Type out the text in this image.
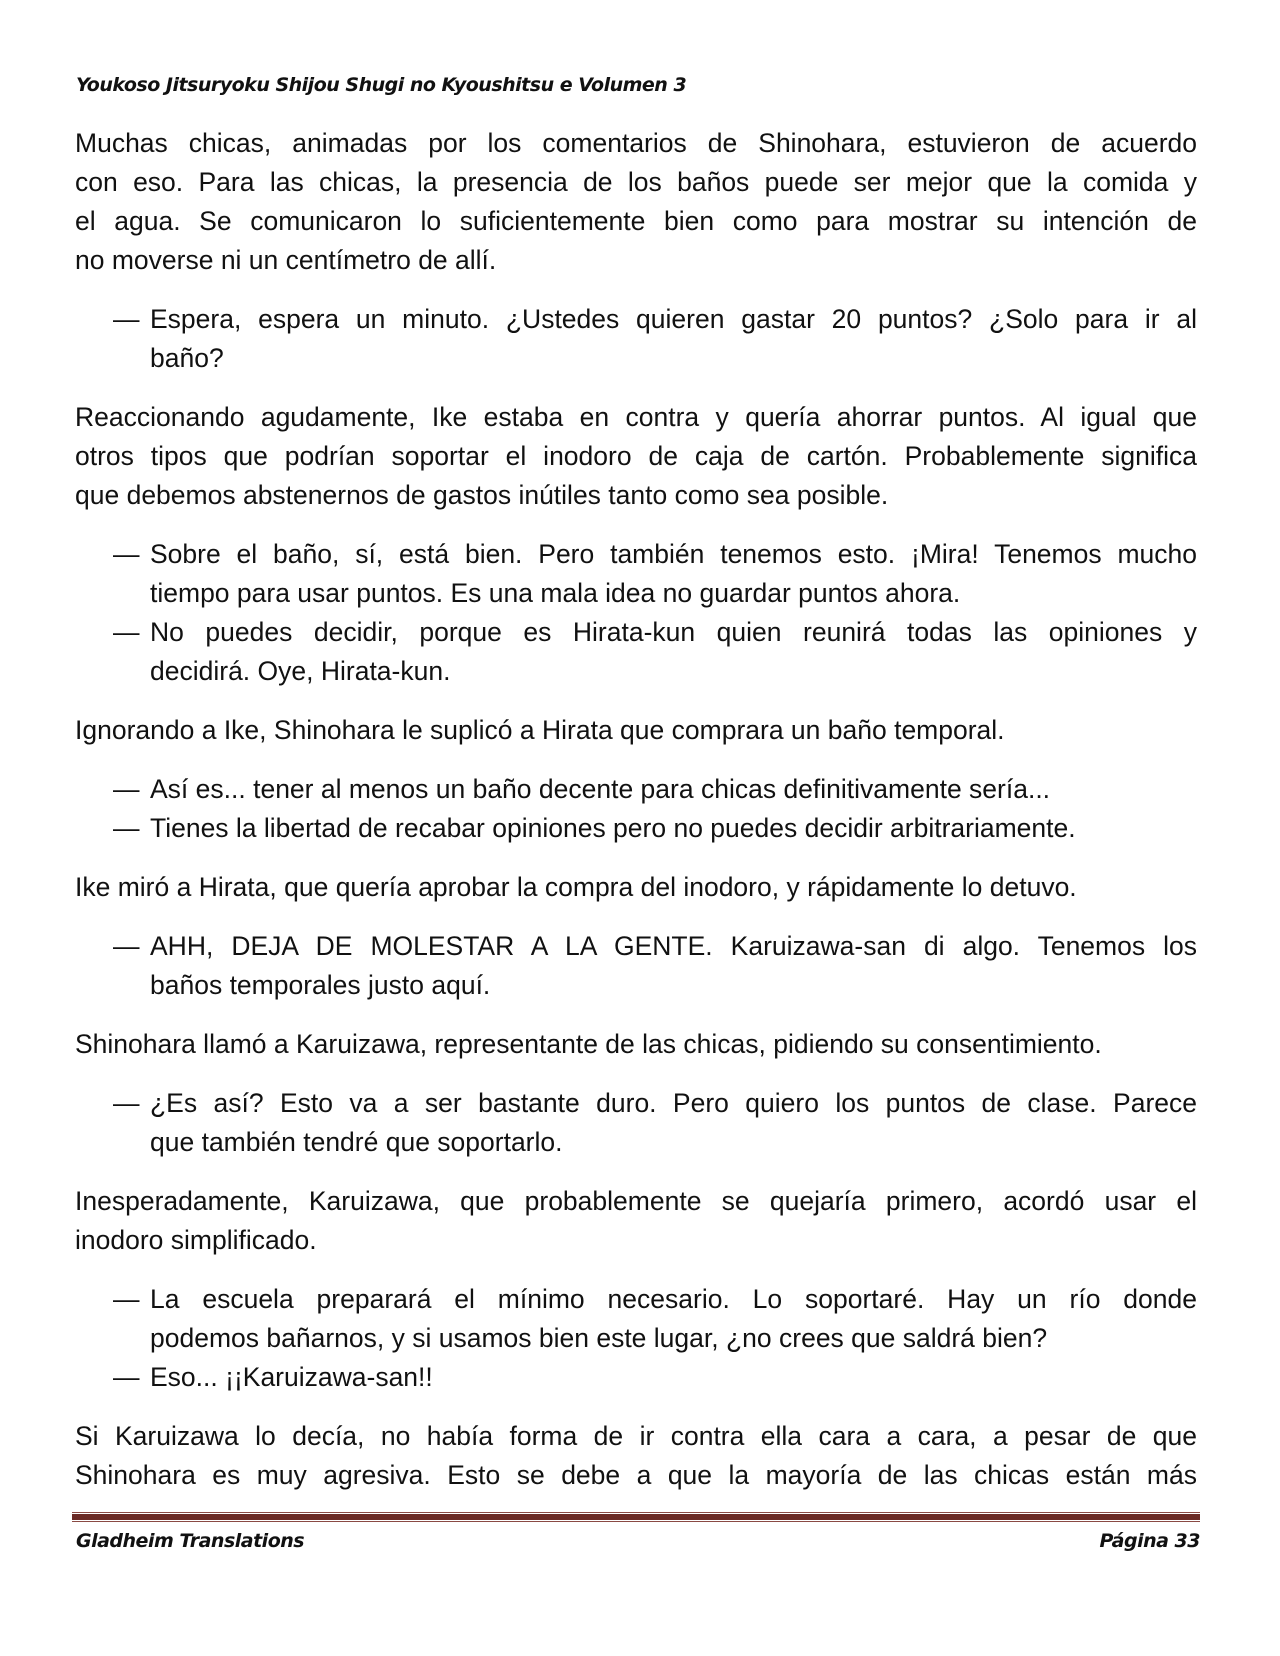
Youkoso Jitsuryoku Shijou Shugi no Kyoushitsu e Volumen 3
Muchas chicas, animadas por los comentarios de Shinohara, estuvieron de acuerdo
con eso. Para las chicas, la presencia de los baños puede ser mejor que la comida y
el agua. Se comunicaron lo suficientemente bien como para mostrar su intención de
no moverse ni un centímetro de allí.
— Espera, espera un minuto. ¿Ustedes quieren gastar 20 puntos? ¿Solo para ir al
baño?
Reaccionando agudamente, Ike estaba en contra y quería ahorrar puntos. Al igual que
otros tipos que podrían soportar el inodoro de caja de cartón. Probablemente significa
que debemos abstenernos de gastos inútiles tanto como sea posible.
— Sobre el baño, sí, está bien. Pero también tenemos esto. ¡Mira! Tenemos mucho
tiempo para usar puntos. Es una mala idea no guardar puntos ahora.
— No puedes decidir, porque es Hirata-kun quien reunirá todas las opiniones y
decidirá. Oye, Hirata-kun.
Ignorando a Ike, Shinohara le suplicó a Hirata que comprara un baño temporal.
— Así es... tener al menos un baño decente para chicas definitivamente sería...
— Tienes la libertad de recabar opiniones pero no puedes decidir arbitrariamente.
Ike miró a Hirata, que quería aprobar la compra del inodoro, y rápidamente lo detuvo.
— AHH, DEJA DE MOLESTAR A LA GENTE. Karuizawa-san di algo. Tenemos los
baños temporales justo aquí.
Shinohara llamó a Karuizawa, representante de las chicas, pidiendo su consentimiento.
— ¿Es así? Esto va a ser bastante duro. Pero quiero los puntos de clase. Parece
que también tendré que soportarlo.
Inesperadamente, Karuizawa, que probablemente se quejaría primero, acordó usar el
inodoro simplificado.
— La escuela preparará el mínimo necesario. Lo soportaré. Hay un río donde
podemos bañarnos, y si usamos bien este lugar, ¿no crees que saldrá bien?
— Eso... ¡¡Karuizawa-san!!
Si Karuizawa lo decía, no había forma de ir contra ella cara a cara, a pesar de que
Shinohara es muy agresiva. Esto se debe a que la mayoría de las chicas están más
Gladheim Translations	Página 33
